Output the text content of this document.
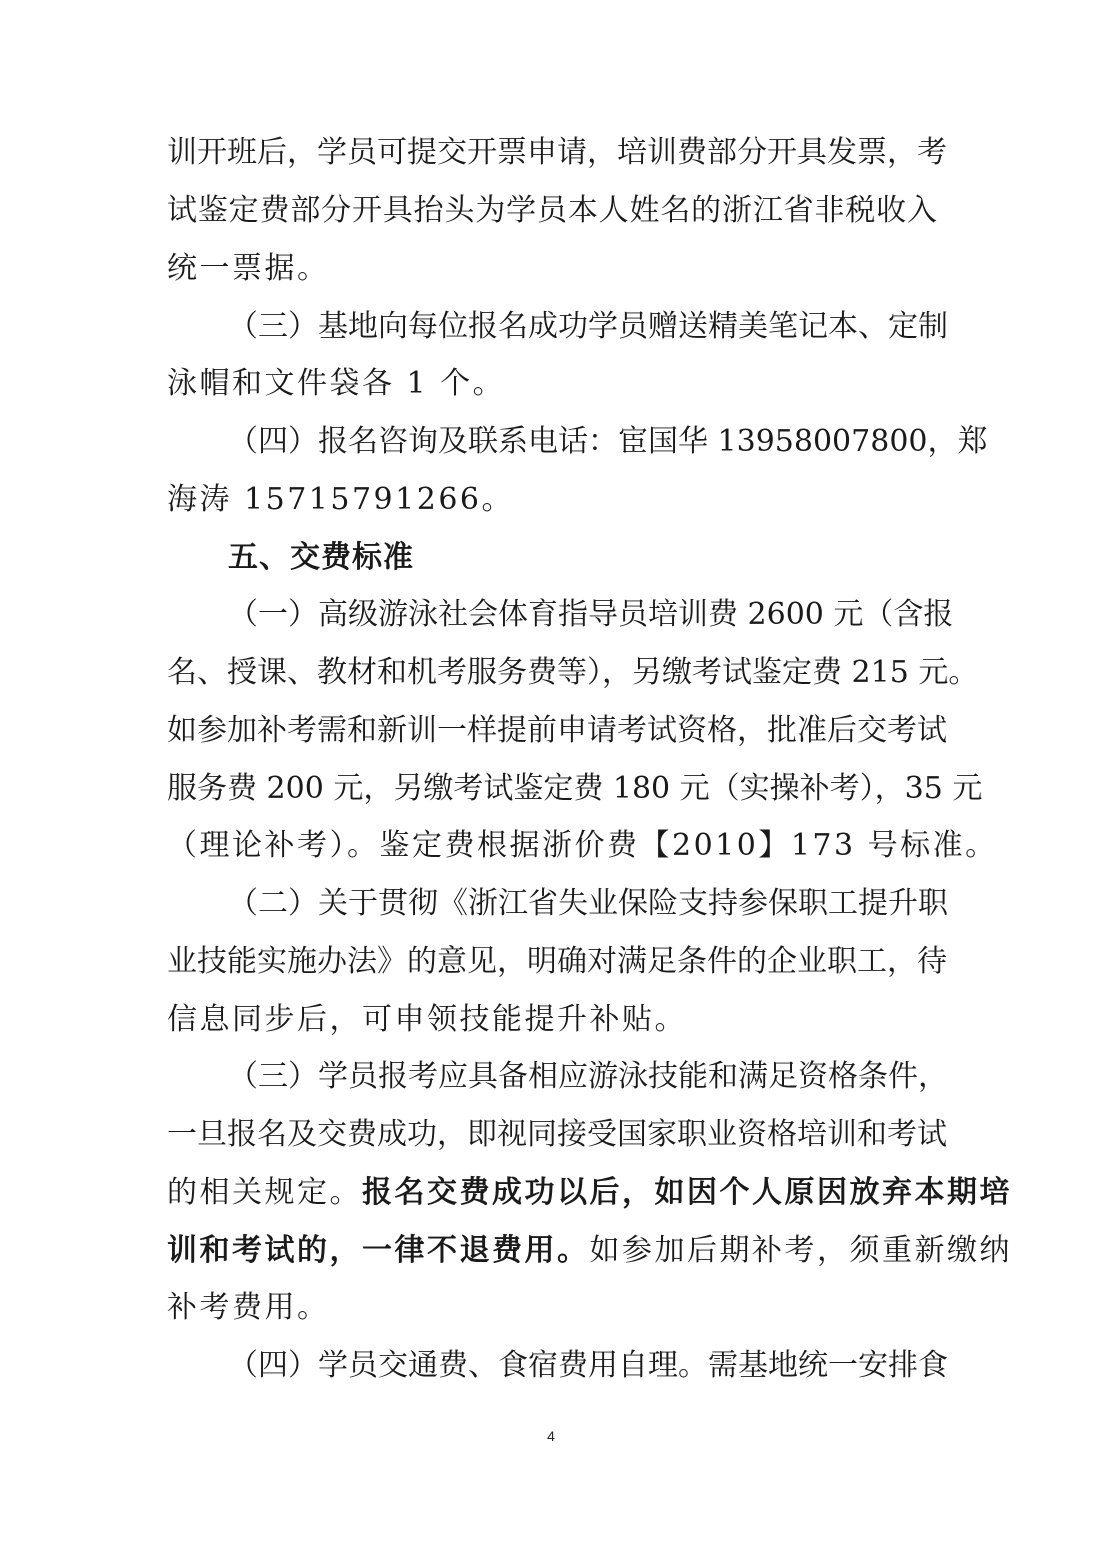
训开班后，学员可提交开票申请，培训费部分开具发票，考
试鉴定费部分开具抬头为学员本人姓名的浙江省非税收入
统一票据。
（三）基地向每位报名成功学员赠送精美笔记本、定制
泳帽和文件袋各 1 个。
（四）报名咨询及联系电话：宦国华 13958007800，郑
海涛 15715791266。
五、交费标准
（一）高级游泳社会体育指导员培训费 2600 元（含报
名、授课、教材和机考服务费等），另缴考试鉴定费 215 元。
如参加补考需和新训一样提前申请考试资格，批准后交考试
服务费 200 元，另缴考试鉴定费 180 元（实操补考），35 元
（理论补考）。鉴定费根据浙价费【2010】173 号标准。
（二）关于贯彻《浙江省失业保险支持参保职工提升职
业技能实施办法》的意见，明确对满足条件的企业职工，待
信息同步后，可申领技能提升补贴。
（三）学员报考应具备相应游泳技能和满足资格条件，
一旦报名及交费成功，即视同接受国家职业资格培训和考试
的相关规定。报名交费成功以后，如因个人原因放弃本期培
训和考试的，一律不退费用。如参加后期补考，须重新缴纳
补考费用。
（四）学员交通费、食宿费用自理。需基地统一安排食
4
